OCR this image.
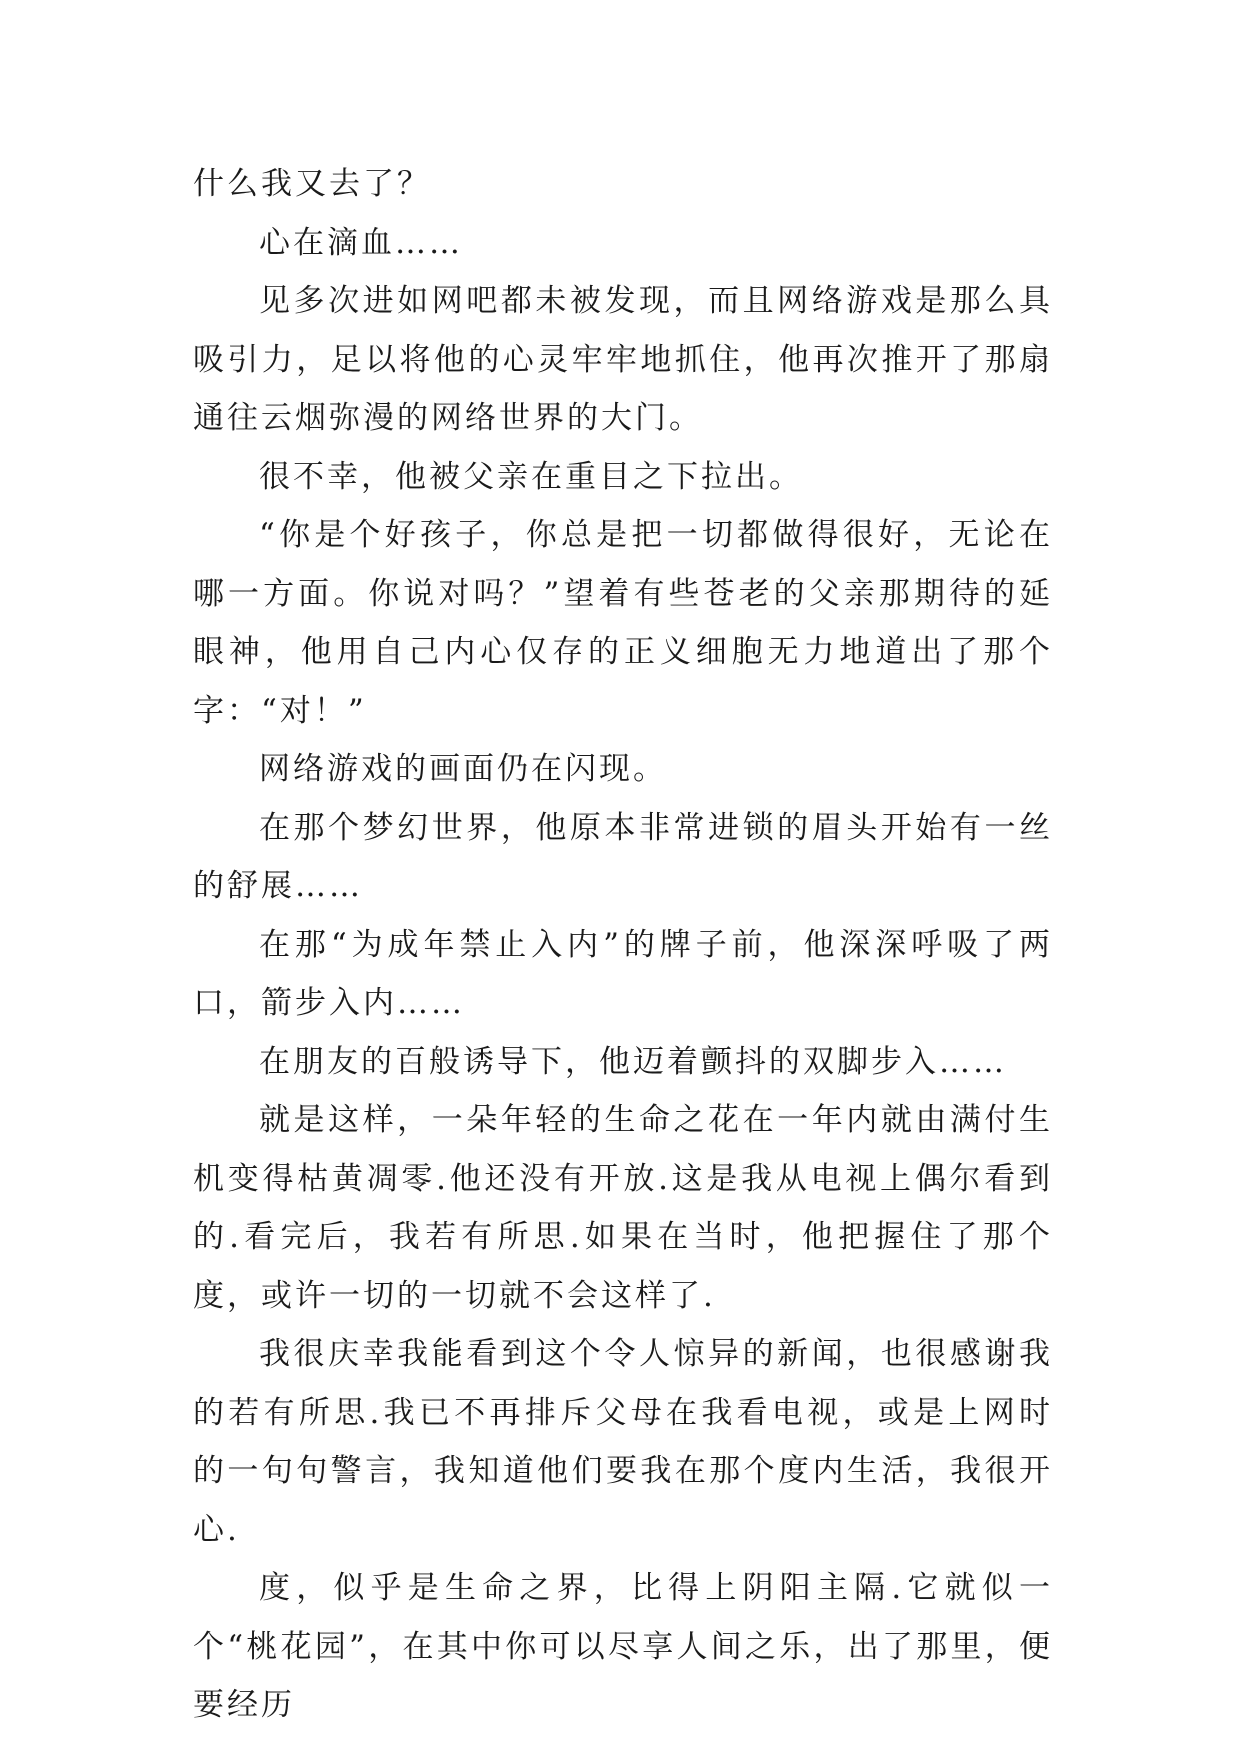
什么我又去了？

心在滴血……

见多次进如网吧都未被发现，而且网络游戏是那么具吸引力，足以将他的心灵牢牢地抓住，他再次推开了那扇通往云烟弥漫的网络世界的大门。

很不幸，他被父亲在重目之下拉出。

“你是个好孩子，你总是把一切都做得很好，无论在哪一方面。你说对吗？”望着有些苍老的父亲那期待的延眼神，他用自己内心仅存的正义细胞无力地道出了那个字：“对！”

网络游戏的画面仍在闪现。

在那个梦幻世界，他原本非常进锁的眉头开始有一丝的舒展……

在那“为成年禁止入内”的牌子前，他深深呼吸了两口，箭步入内……

在朋友的百般诱导下，他迈着颤抖的双脚步入……

就是这样，一朵年轻的生命之花在一年内就由满付生机变得枯黄凋零.他还没有开放.这是我从电视上偶尔看到的.看完后，我若有所思.如果在当时，他把握住了那个度，或许一切的一切就不会这样了.

我很庆幸我能看到这个令人惊异的新闻，也很感谢我的若有所思.我已不再排斥父母在我看电视，或是上网时的一句句警言，我知道他们要我在那个度内生活，我很开心.

度，似乎是生命之界，比得上阴阳主隔.它就似一个“桃花园”，在其中你可以尽享人间之乐，出了那里，便要经历
